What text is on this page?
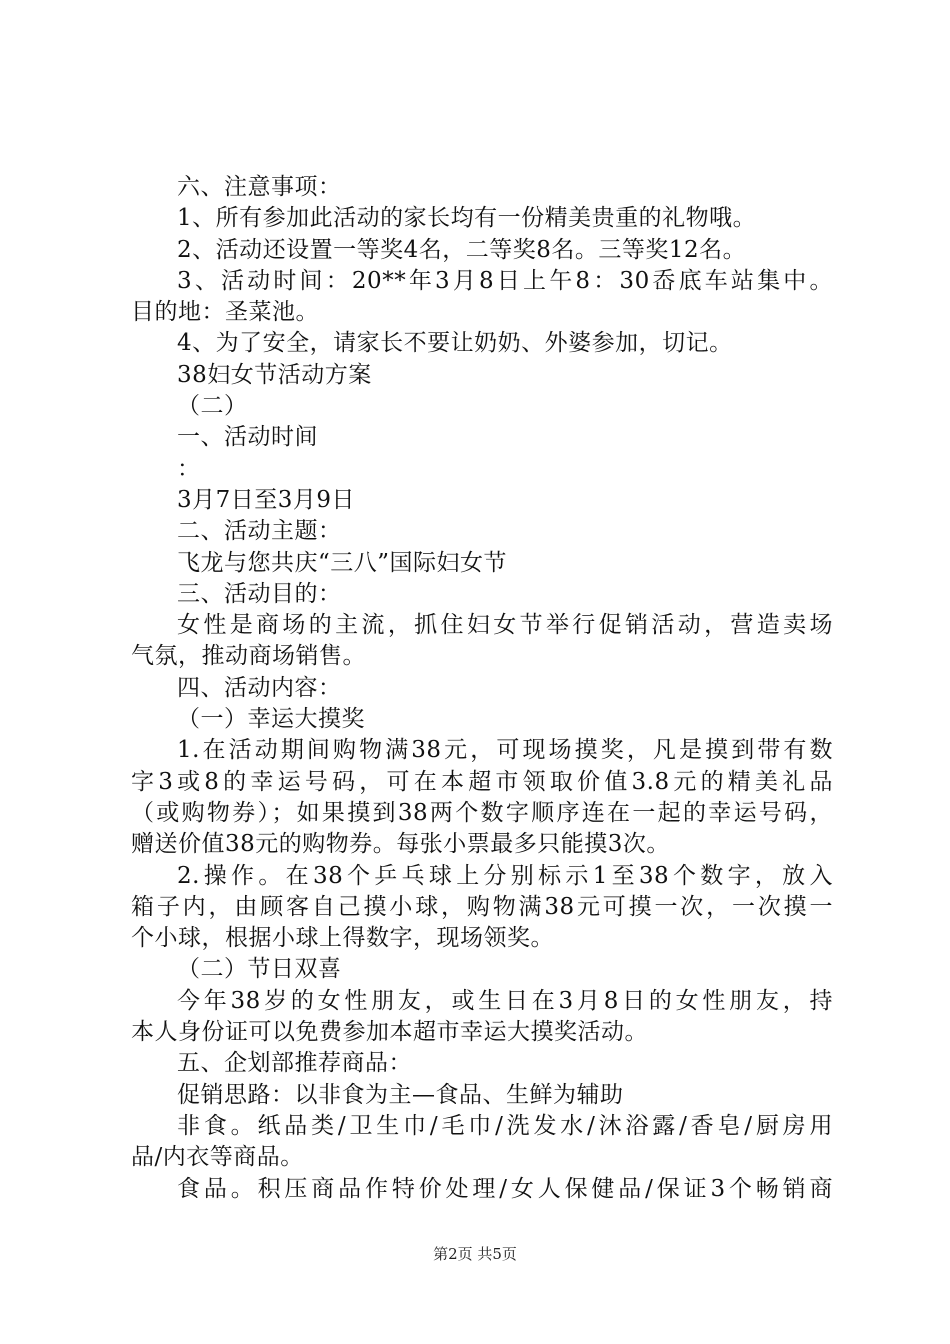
六、注意事项：
1、所有参加此活动的家长均有一份精美贵重的礼物哦。
2、活动还设置一等奖4名，二等奖8名。三等奖12名。
3、活动时间：20**年3月8日上午8：30岙底车站集中。
目的地：圣菜池。
4、为了安全，请家长不要让奶奶、外婆参加，切记。
38妇女节活动方案
（二）
一、活动时间
：
3月7日至3月9日
二、活动主题：
飞龙与您共庆“三八”国际妇女节
三、活动目的：
女性是商场的主流，抓住妇女节举行促销活动，营造卖场
气氛，推动商场销售。
四、活动内容：
（一）幸运大摸奖
1.在活动期间购物满38元，可现场摸奖，凡是摸到带有数
字3或8的幸运号码，可在本超市领取价值3.8元的精美礼品
（或购物券）；如果摸到38两个数字顺序连在一起的幸运号码，
赠送价值38元的购物券。每张小票最多只能摸3次。
2.操作。在38个乒乓球上分别标示1至38个数字，放入
箱子内，由顾客自己摸小球，购物满38元可摸一次，一次摸一
个小球，根据小球上得数字，现场领奖。
（二）节日双喜
今年38岁的女性朋友，或生日在3月8日的女性朋友，持
本人身份证可以免费参加本超市幸运大摸奖活动。
五、企划部推荐商品：
促销思路：以非食为主—食品、生鲜为辅助
非食。纸品类/卫生巾/毛巾/洗发水/沐浴露/香皂/厨房用
品/内衣等商品。
食品。积压商品作特价处理/女人保健品/保证3个畅销商
第2页 共5页
